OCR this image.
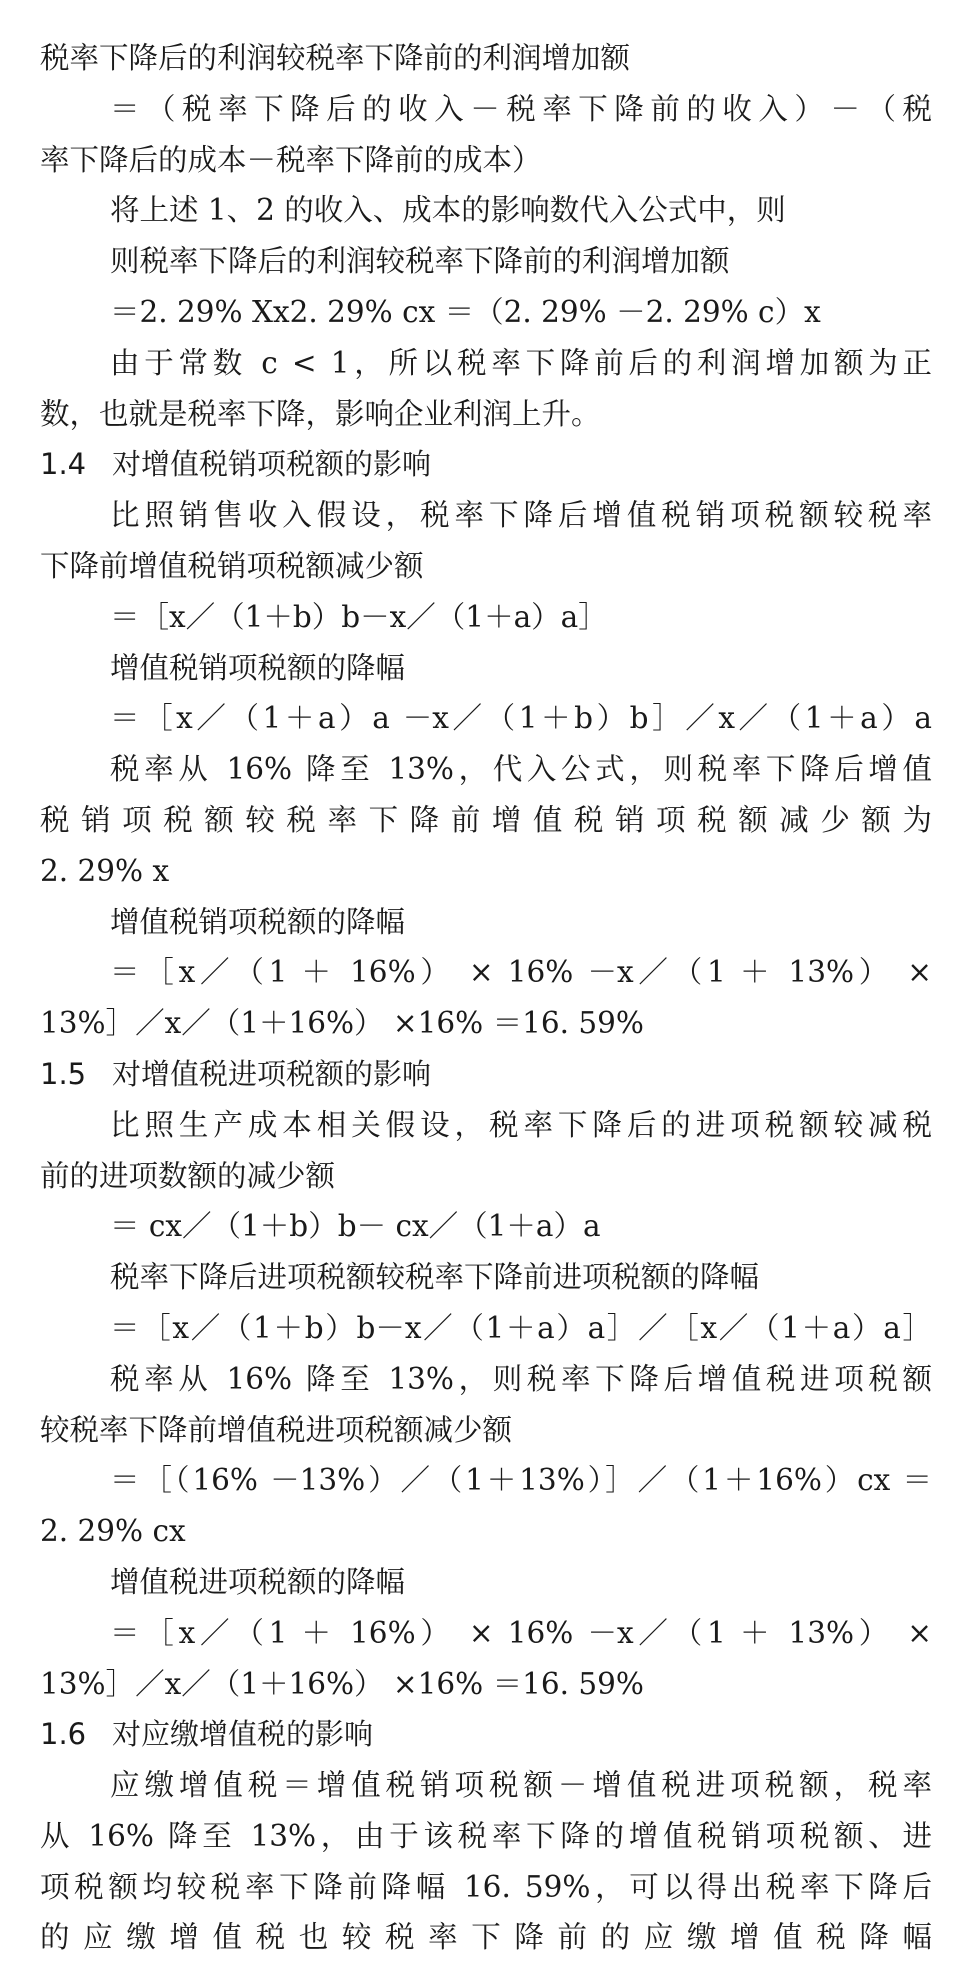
税率下降后的利润较税率下降前的利润增加额
＝（税率下降后的收入－税率下降前的收入）－（税
率下降后的成本－税率下降前的成本）
将上述 1、2 的收入、成本的影响数代入公式中，则
则税率下降后的利润较税率下降前的利润增加额
＝2. 29% Xx2. 29% cx ＝（2. 29% －2. 29% c）x
由于常数 c < 1，所以税率下降前后的利润增加额为正
数，也就是税率下降，影响企业利润上升。
1.4 对增值税销项税额的影响
比照销售收入假设，税率下降后增值税销项税额较税率
下降前增值税销项税额减少额
＝［x／（1＋b）b－x／（1＋a）a］
增值税销项税额的降幅
＝［x／（1＋a）a －x／（1＋b）b］／x／（1＋a）a
税率从 16% 降至 13%，代入公式，则税率下降后增值
税销项税额较税率下降前增值税销项税额减少额为
2. 29% x
增值税销项税额的降幅
＝［x／（1 ＋ 16%） × 16% －x／（1 ＋ 13%） ×
13%］／x／（1＋16%） ×16% ＝16. 59%
1.5 对增值税进项税额的影响
比照生产成本相关假设，税率下降后的进项税额较减税
前的进项数额的减少额
＝ cx／（1＋b）b－ cx／（1＋a）a
税率下降后进项税额较税率下降前进项税额的降幅
＝［x／（1＋b）b－x／（1＋a）a］／［x／（1＋a）a］
税率从 16% 降至 13%，则税率下降后增值税进项税额
较税率下降前增值税进项税额减少额
＝［（16% －13%）／（1＋13%）］／（1＋16%）cx ＝
2. 29% cx
增值税进项税额的降幅
＝［x／（1 ＋ 16%） × 16% －x／（1 ＋ 13%） ×
13%］／x／（1＋16%） ×16% ＝16. 59%
1.6 对应缴增值税的影响
应缴增值税＝增值税销项税额－增值税进项税额，税率
从 16% 降至 13%，由于该税率下降的增值税销项税额、进
项税额均较税率下降前降幅 16. 59%，可以得出税率下降后
的应缴增值税也较税率下降前的应缴增值税降幅
